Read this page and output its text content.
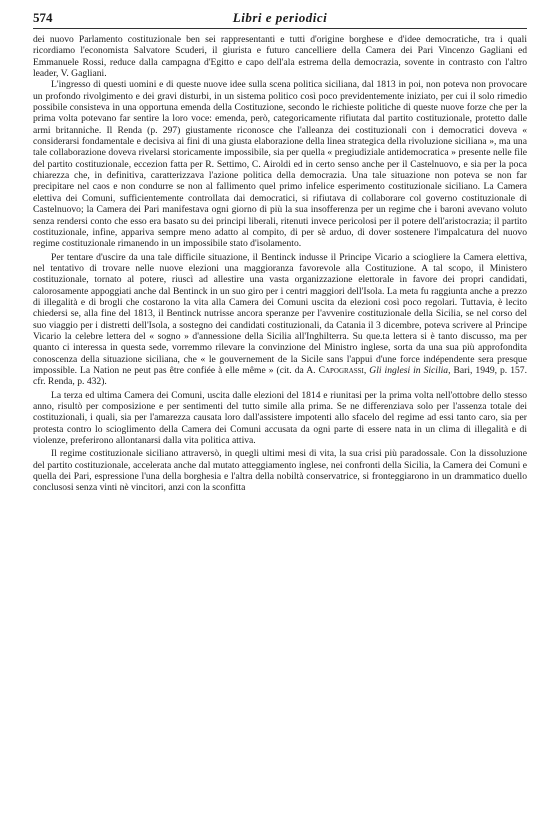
574	Libri e periodici

dei nuovo Parlamento costituzionale ben sei rappresentanti e tutti d'origine borghese e d'idee democratiche, tra i quali ricordiamo l'economista Salvatore Scuderi, il giurista e futuro cancelliere della Camera dei Pari Vincenzo Gagliani ed Emmanuele Rossi, reduce dalla campagna d'Egitto e capo dell'ala estrema della democrazia, sovente in contrasto con l'altro leader, V. Gagliani.

L'ingresso di questi uomini e di queste nuove idee sulla scena politica siciliana, dal 1813 in poi, non poteva non provocare un profondo rivolgimento e dei gravi disturbi, in un sistema politico così poco previdentemente iniziato, per cui il solo rimedio possibile consisteva in una opportuna emenda della Costituzione, secondo le richieste politiche di queste nuove forze che per la prima volta potevano far sentire la loro voce: emenda, però, categoricamente rifiutata dal partito costituzionale, protetto dalle armi britanniche. Il Renda (p. 297) giustamente riconosce che l'alleanza dei costituzionali con i democratici doveva « considerarsi fondamentale e decisiva ai fini di una giusta elaborazione della linea strategica della rivoluzione siciliana », ma una tale collaborazione doveva rivelarsi storicamente impossibile, sia per quella « pregiudiziale antidemocratica » presente nelle file del partito costituzionale, eccezion fatta per R. Settimo, C. Airoldi ed in certo senso anche per il Castelnuovo, e sia per la poca chiarezza che, in definitiva, caratterizzava l'azione politica della democrazia. Una tale situazione non poteva se non far precipitare nel caos e non condurre se non al fallimento quel primo infelice esperimento costituzionale siciliano. La Camera elettiva dei Comuni, sufficientemente controllata dai democratici, si rifiutava di collaborare col governo costituzionale di Castelnuovo; la Camera dei Pari manifestava ogni giorno di più la sua insofferenza per un regime che i baroni avevano voluto senza rendersi conto che esso era basato su dei principi liberali, ritenuti invece pericolosi per il potere dell'aristocrazia; il partito costituzionale, infine, appariva sempre meno adatto al compito, di per sè arduo, di dover sostenere l'impalcatura del nuovo regime costituzionale rimanendo in un impossibile stato d'isolamento.

Per tentare d'uscire da una tale difficile situazione, il Bentinck indusse il Principe Vicario a sciogliere la Camera elettiva, nel tentativo di trovare nelle nuove elezioni una maggioranza favorevole alla Costituzione. A tal scopo, il Ministero costituzionale, tornato al potere, riuscì ad allestire una vasta organizzazione elettorale in favore dei propri candidati, calorosamente appoggiati anche dal Bentinck in un suo giro per i centri maggiori dell'Isola. La meta fu raggiunta anche a prezzo di illegalità e di brogli che costarono la vita alla Camera dei Comuni uscita da elezioni così poco regolari. Tuttavia, è lecito chiedersi se, alla fine del 1813, il Bentinck nutrisse ancora speranze per l'avvenire costituzionale della Sicilia, se nel corso del suo viaggio per i distretti dell'Isola, a sostegno dei candidati costituzionali, da Catania il 3 dicembre, poteva scrivere al Principe Vicario la celebre lettera del « sogno » d'annessione della Sicilia all'Inghilterra. Su que.ta lettera si è tanto discusso, ma per quanto ci interessa in questa sede, vorremmo rilevare la convinzione del Ministro inglese, sorta da una sua più approfondita conoscenza della situazione siciliana, che « le gouvernement de la Sicile sans l'appui d'une force indépendente sera presque impossible. La Nation ne peut pas être confiée à elle même » (cit. da A. Capograssi, Gli inglesi in Sicilia, Bari, 1949, p. 157. cfr. Renda, p. 432).

La terza ed ultima Camera dei Comuni, uscita dalle elezioni del 1814 e riunitasi per la prima volta nell'ottobre dello stesso anno, risultò per composizione e per sentimenti del tutto simile alla prima. Se ne differenziava solo per l'assenza totale dei costituzionali, i quali, sia per l'amarezza causata loro dall'assistere impotenti allo sfacelo del regime ad essi tanto caro, sia per protesta contro lo scioglimento della Camera dei Comuni accusata da ogni parte di essere nata in un clima di illegalità e di violenze, preferirono allontanarsi dalla vita politica attiva.

Il regime costituzionale siciliano attraversò, in quegli ultimi mesi di vita, la sua crisi più paradossale. Con la dissoluzione del partito costituzionale, accelerata anche dal mutato atteggiamento inglese, nei confronti della Sicilia, la Camera dei Comuni e quella dei Pari, espressione l'una della borghesia e l'altra della nobiltà conservatrice, si fronteggiarono in un drammatico duello conclusosi senza vinti nè vincitori, anzi con la sconfitta
